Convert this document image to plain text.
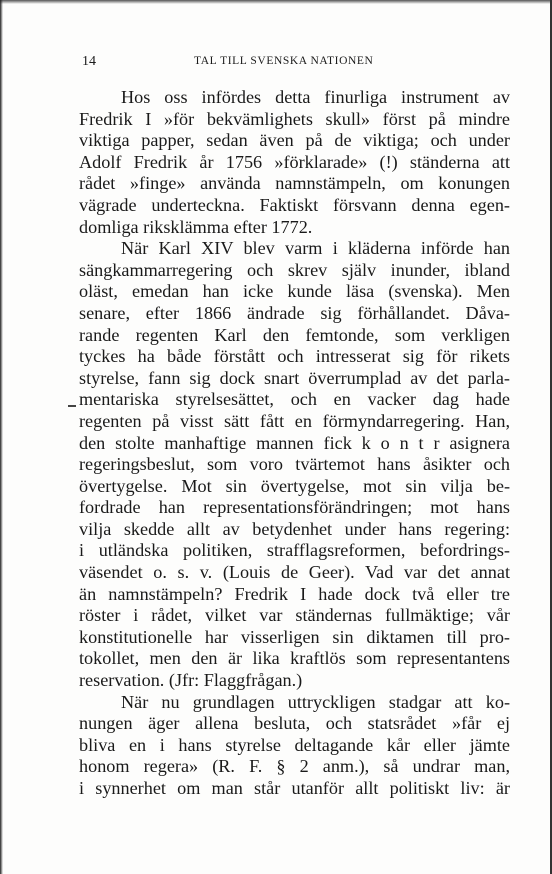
14	TAL TILL SVENSKA NATIONEN
Hos oss infördes detta finurliga instrument av
Fredrik I »för bekvämlighets skull» först på mindre
viktiga papper, sedan även på de viktiga; och under
Adolf Fredrik år 1756 »förklarade» (!) ständerna att
rådet »finge» använda namnstämpeln, om konungen
vägrade underteckna. Faktiskt försvann denna egen-
domliga riksklämma efter 1772.
När Karl XIV blev varm i kläderna införde han
sängkammarregering och skrev själv inunder, ibland
oläst, emedan han icke kunde läsa (svenska). Men
senare, efter 1866 ändrade sig förhållandet. Dåva-
rande regenten Karl den femtonde, som verkligen
tyckes ha både förstått och intresserat sig för rikets
styrelse, fann sig dock snart överrumplad av det parla-
mentariska styrelsesättet, och en vacker dag hade
regenten på visst sätt fått en förmyndarregering. Han,
den stolte manhaftige mannen fick k o n t r asignera
regeringsbeslut, som voro tvärtemot hans åsikter och
övertygelse. Mot sin övertygelse, mot sin vilja be-
fordrade han representationsförändringen; mot hans
vilja skedde allt av betydenhet under hans regering:
i utländska politiken, strafflagsreformen, befordrings-
väsendet o. s. v. (Louis de Geer). Vad var det annat
än namnstämpeln? Fredrik I hade dock två eller tre
röster i rådet, vilket var ständernas fullmäktige; vår
konstitutionelle har visserligen sin diktamen till pro-
tokollet, men den är lika kraftlös som representantens
reservation. (Jfr: Flaggfrågan.)
När nu grundlagen uttryckligen stadgar att ko-
nungen äger allena besluta, och statsrådet »får ej
bliva en i hans styrelse deltagande kår eller jämte
honom regera» (R. F. § 2 anm.), så undrar man,
i synnerhet om man står utanför allt politiskt liv: är
